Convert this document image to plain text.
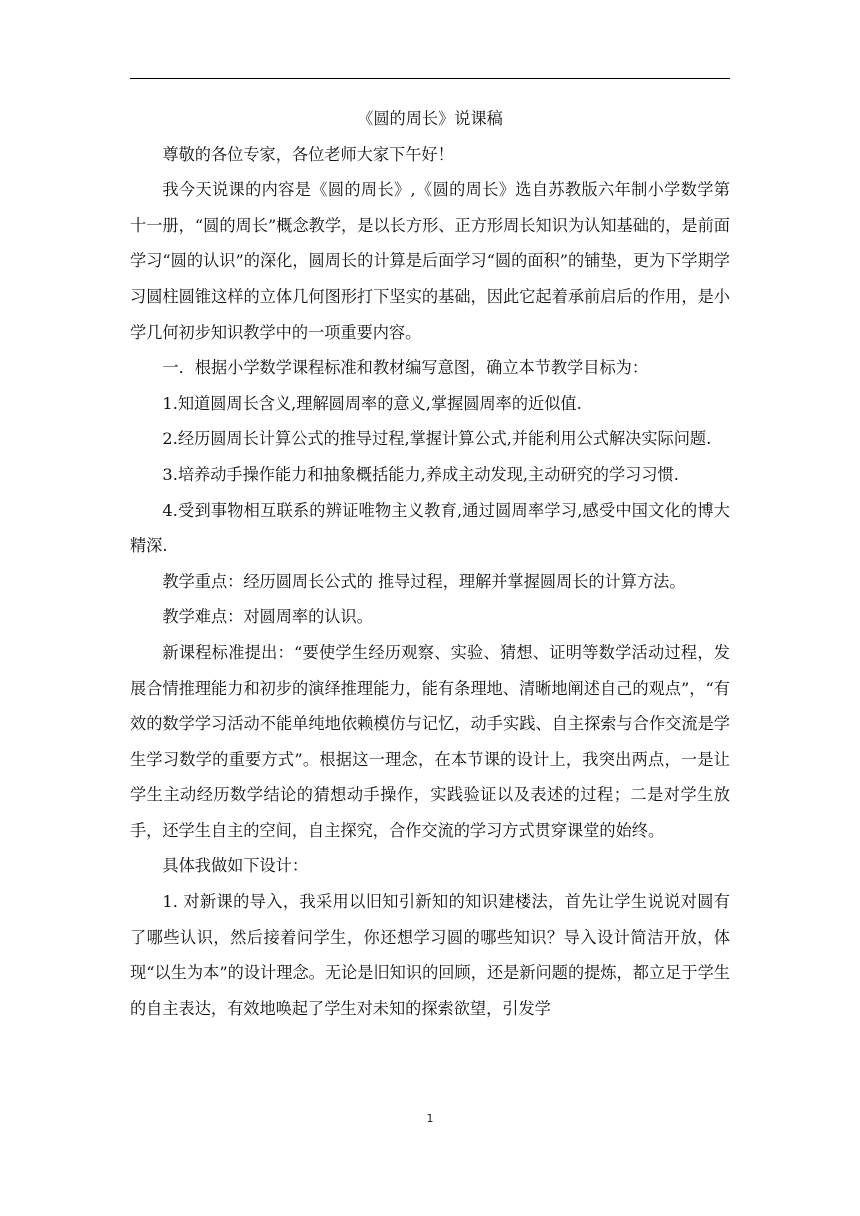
《圆的周长》说课稿

尊敬的各位专家，各位老师大家下午好！

我今天说课的内容是《圆的周长》,《圆的周长》选自苏教版六年制小学数学第十一册，“圆的周长”概念教学，是以长方形、正方形周长知识为认知基础的，是前面学习“圆的认识”的深化，圆周长的计算是后面学习“圆的面积”的铺垫，更为下学期学习圆柱圆锥这样的立体几何图形打下坚实的基础，因此它起着承前启后的作用，是小学几何初步知识教学中的一项重要内容。

一．根据小学数学课程标准和教材编写意图，确立本节教学目标为：

1.知道圆周长含义,理解圆周率的意义,掌握圆周率的近似值.

2.经历圆周长计算公式的推导过程,掌握计算公式,并能利用公式解决实际问题.

3.培养动手操作能力和抽象概括能力,养成主动发现,主动研究的学习习惯.

4.受到事物相互联系的辨证唯物主义教育,通过圆周率学习,感受中国文化的博大精深.

教学重点：经历圆周长公式的 推导过程，理解并掌握圆周长的计算方法。

教学难点：对圆周率的认识。

新课程标准提出：“要使学生经历观察、实验、猜想、证明等数学活动过程，发展合情推理能力和初步的演绎推理能力，能有条理地、清晰地阐述自己的观点”，“有效的数学学习活动不能单纯地依赖模仿与记忆，动手实践、自主探索与合作交流是学生学习数学的重要方式”。根据这一理念，在本节课的设计上，我突出两点，一是让学生主动经历数学结论的猜想动手操作，实践验证以及表述的过程；二是对学生放手，还学生自主的空间，自主探究，合作交流的学习方式贯穿课堂的始终。

具体我做如下设计：

1. 对新课的导入，我采用以旧知引新知的知识建楼法，首先让学生说说对圆有了哪些认识，然后接着问学生，你还想学习圆的哪些知识？导入设计简洁开放，体现“以生为本”的设计理念。无论是旧知识的回顾，还是新问题的提炼，都立足于学生的自主表达，有效地唤起了学生对未知的探索欲望，引发学

1
